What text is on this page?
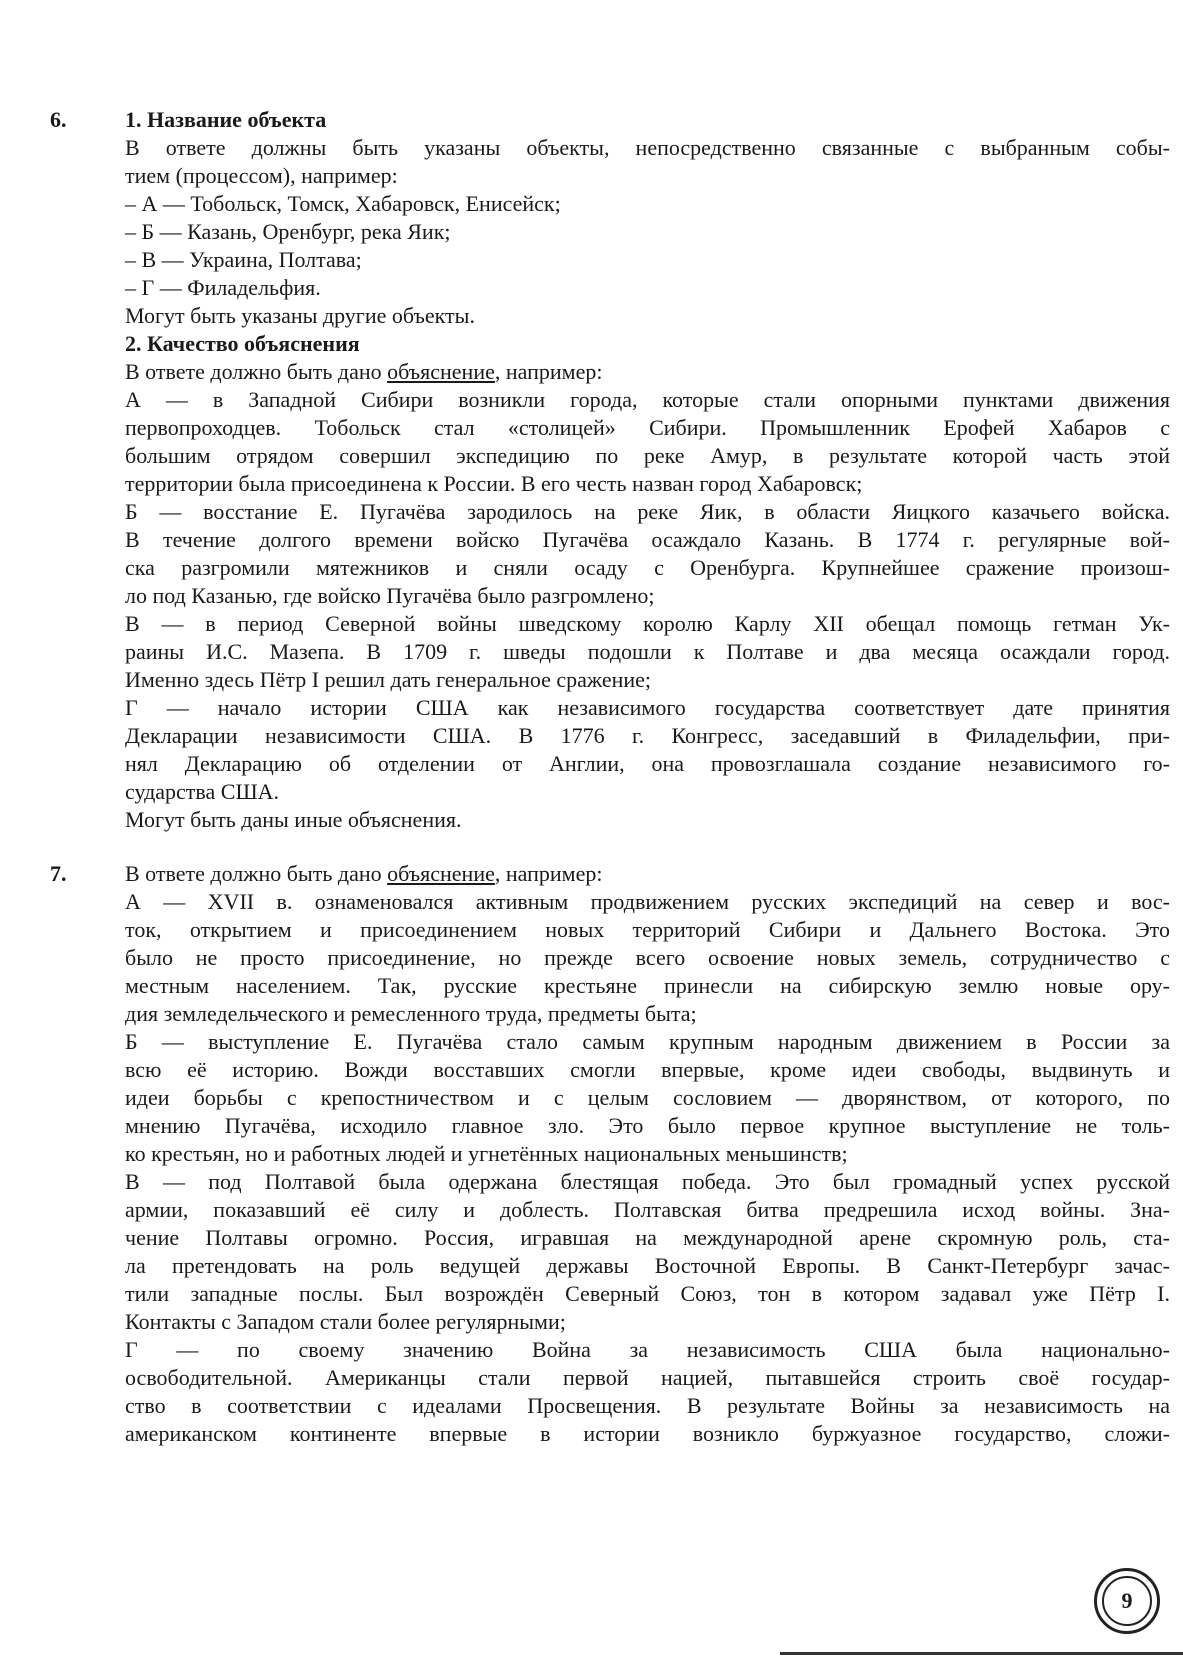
6.	1. Название объекта
В ответе должны быть указаны объекты, непосредственно связанные с выбранным собы-
тием (процессом), например:
– А — Тобольск, Томск, Хабаровск, Енисейск;
– Б — Казань, Оренбург, река Яик;
– В — Украина, Полтава;
– Г — Филадельфия.
Могут быть указаны другие объекты.
2. Качество объяснения
В ответе должно быть дано объяснение, например:
А — в Западной Сибири возникли города, которые стали опорными пунктами движения
первопроходцев. Тобольск стал «столицей» Сибири. Промышленник Ерофей Хабаров с
большим отрядом совершил экспедицию по реке Амур, в результате которой часть этой
территории была присоединена к России. В его честь назван город Хабаровск;
Б — восстание Е. Пугачёва зародилось на реке Яик, в области Яицкого казачьего войска.
В течение долгого времени войско Пугачёва осаждало Казань. В 1774 г. регулярные вой-
ска разгромили мятежников и сняли осаду с Оренбурга. Крупнейшее сражение произош-
ло под Казанью, где войско Пугачёва было разгромлено;
В — в период Северной войны шведскому королю Карлу XII обещал помощь гетман Ук-
раины И.С. Мазепа. В 1709 г. шведы подошли к Полтаве и два месяца осаждали город.
Именно здесь Пётр I решил дать генеральное сражение;
Г — начало истории США как независимого государства соответствует дате принятия
Декларации независимости США. В 1776 г. Конгресс, заседавший в Филадельфии, при-
нял Декларацию об отделении от Англии, она провозглашала создание независимого го-
сударства США.
Могут быть даны иные объяснения.
7.	В ответе должно быть дано объяснение, например:
А — XVII в. ознаменовался активным продвижением русских экспедиций на север и вос-
ток, открытием и присоединением новых территорий Сибири и Дальнего Востока. Это
было не просто присоединение, но прежде всего освоение новых земель, сотрудничество с
местным населением. Так, русские крестьяне принесли на сибирскую землю новые ору-
дия земледельческого и ремесленного труда, предметы быта;
Б — выступление Е. Пугачёва стало самым крупным народным движением в России за
всю её историю. Вожди восставших смогли впервые, кроме идеи свободы, выдвинуть и
идеи борьбы с крепостничеством и с целым сословием — дворянством, от которого, по
мнению Пугачёва, исходило главное зло. Это было первое крупное выступление не толь-
ко крестьян, но и работных людей и угнетённых национальных меньшинств;
В — под Полтавой была одержана блестящая победа. Это был громадный успех русской
армии, показавший её силу и доблесть. Полтавская битва предрешила исход войны. Зна-
чение Полтавы огромно. Россия, игравшая на международной арене скромную роль, ста-
ла претендовать на роль ведущей державы Восточной Европы. В Санкт-Петербург зачас-
тили западные послы. Был возрождён Северный Союз, тон в котором задавал уже Пётр I.
Контакты с Западом стали более регулярными;
Г — по своему значению Война за независимость США была национально-
освободительной. Американцы стали первой нацией, пытавшейся строить своё государ-
ство в соответствии с идеалами Просвещения. В результате Войны за независимость на
американском континенте впервые в истории возникло буржуазное государство, сложи-
9
